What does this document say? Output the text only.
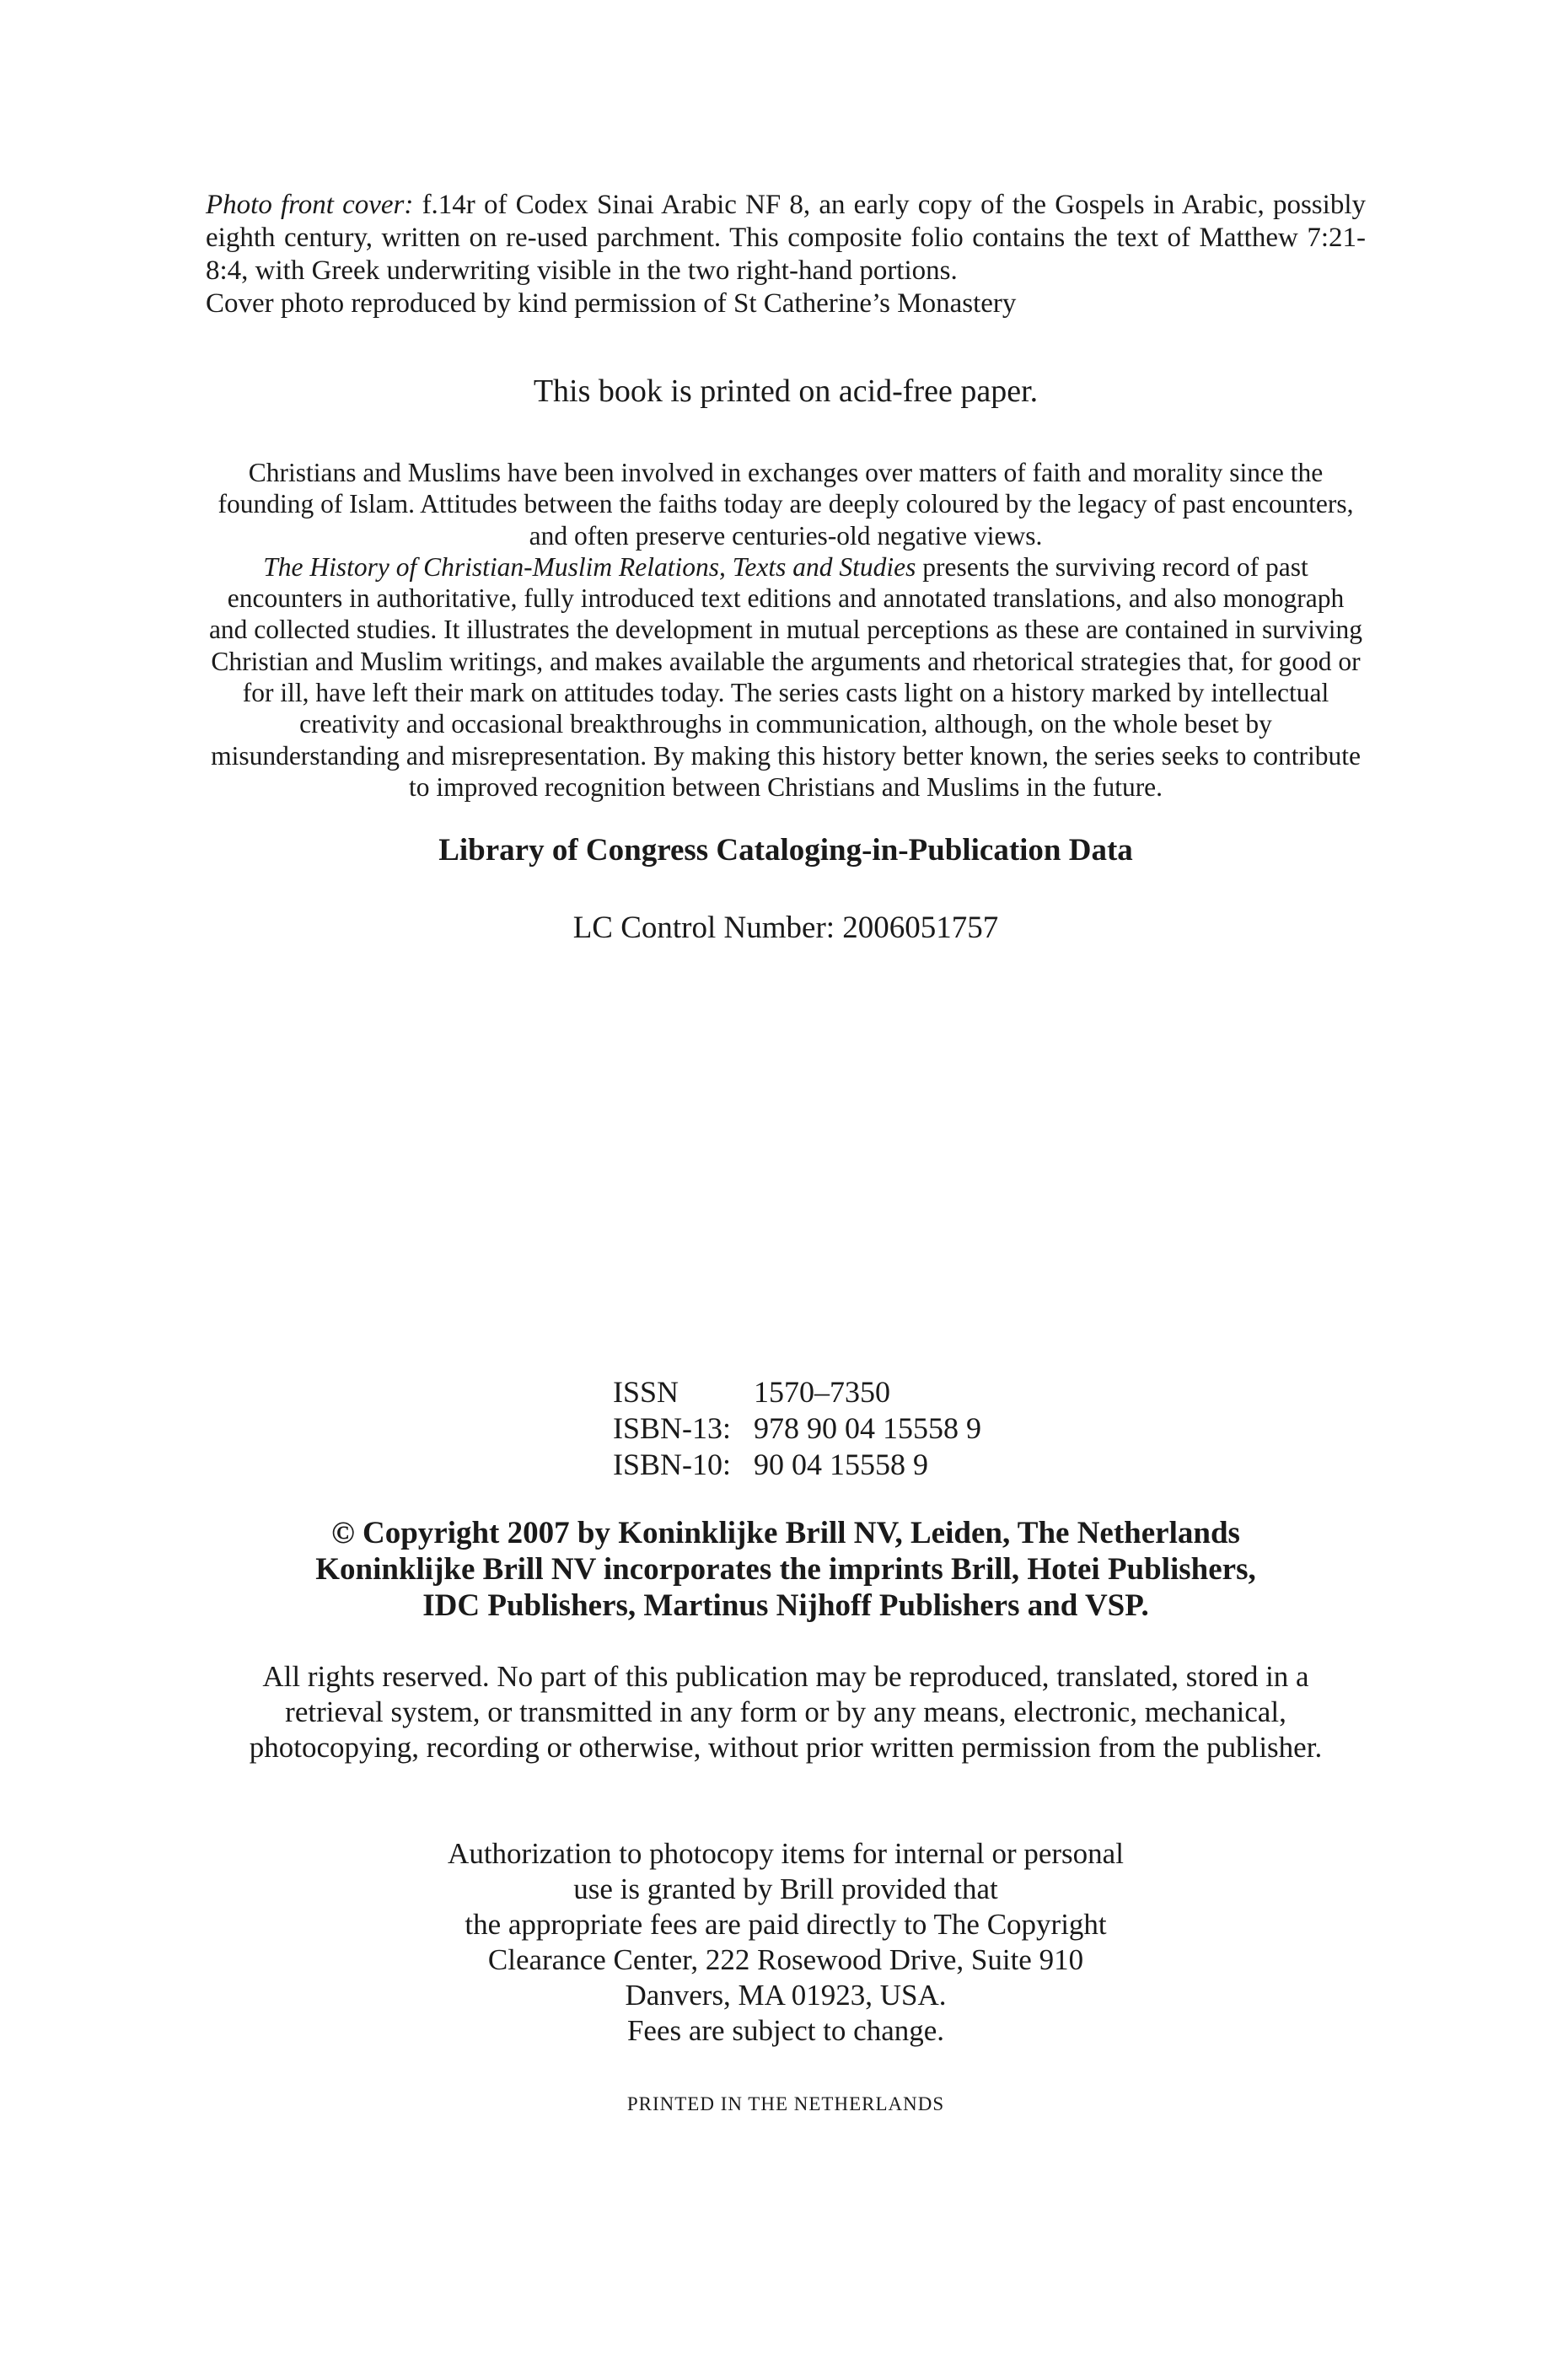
Photo front cover: f.14r of Codex Sinai Arabic NF 8, an early copy of the Gospels in Arabic, possibly eighth century, written on re-used parchment. This composite folio contains the text of Matthew 7:21-8:4, with Greek underwriting visible in the two right-hand portions.

Cover photo reproduced by kind permission of St Catherine’s Monastery

This book is printed on acid-free paper.

Christians and Muslims have been involved in exchanges over matters of faith and morality since the founding of Islam. Attitudes between the faiths today are deeply coloured by the legacy of past encounters, and often preserve centuries-old negative views.

The History of Christian-Muslim Relations, Texts and Studies presents the surviving record of past encounters in authoritative, fully introduced text editions and annotated translations, and also monograph and collected studies. It illustrates the development in mutual perceptions as these are contained in surviving Christian and Muslim writings, and makes available the arguments and rhetorical strategies that, for good or for ill, have left their mark on attitudes today. The series casts light on a history marked by intellectual creativity and occasional breakthroughs in communication, although, on the whole beset by misunderstanding and misrepresentation. By making this history better known, the series seeks to contribute to improved recognition between Christians and Muslims in the future.

Library of Congress Cataloging-in-Publication Data
LC Control Number: 2006051757
ISSN	1570–7350
ISBN-13:	978 90 04 15558 9
ISBN-10:	90 04 15558 9
© Copyright 2007 by Koninklijke Brill NV, Leiden, The Netherlands
Koninklijke Brill NV incorporates the imprints Brill, Hotei Publishers,
IDC Publishers, Martinus Nijhoff Publishers and VSP.
All rights reserved. No part of this publication may be reproduced, translated, stored in a retrieval system, or transmitted in any form or by any means, electronic, mechanical, photocopying, recording or otherwise, without prior written permission from the publisher.
Authorization to photocopy items for internal or personal
use is granted by Brill provided that
the appropriate fees are paid directly to The Copyright
Clearance Center, 222 Rosewood Drive, Suite 910
Danvers, MA 01923, USA.
Fees are subject to change.
PRINTED IN THE NETHERLANDS
